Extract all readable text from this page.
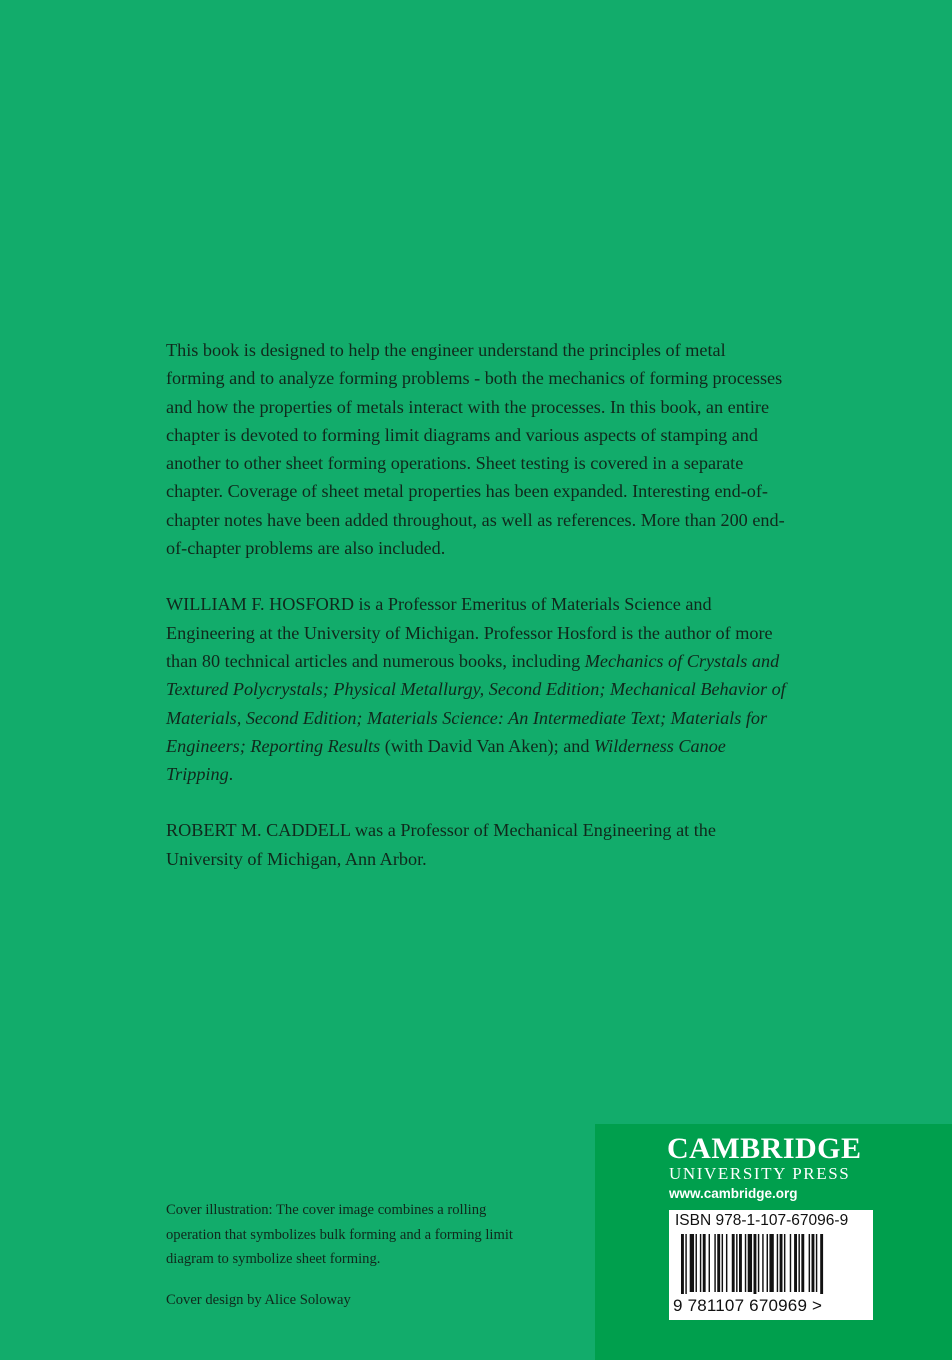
This book is designed to help the engineer understand the principles of metal forming and to analyze forming problems - both the mechanics of forming processes and how the properties of metals interact with the processes. In this book, an entire chapter is devoted to forming limit diagrams and various aspects of stamping and another to other sheet forming operations. Sheet testing is covered in a separate chapter. Coverage of sheet metal properties has been expanded. Interesting end-of-chapter notes have been added throughout, as well as references. More than 200 end-of-chapter problems are also included.

WILLIAM F. HOSFORD is a Professor Emeritus of Materials Science and Engineering at the University of Michigan. Professor Hosford is the author of more than 80 technical articles and numerous books, including Mechanics of Crystals and Textured Polycrystals; Physical Metallurgy, Second Edition; Mechanical Behavior of Materials, Second Edition; Materials Science: An Intermediate Text; Materials for Engineers; Reporting Results (with David Van Aken); and Wilderness Canoe Tripping.

ROBERT M. CADDELL was a Professor of Mechanical Engineering at the University of Michigan, Ann Arbor.

Cover illustration: The cover image combines a rolling operation that symbolizes bulk forming and a forming limit diagram to symbolize sheet forming.

Cover design by Alice Soloway

CAMBRIDGE
UNIVERSITY PRESS
www.cambridge.org
ISBN 978-1-107-67096-9
9 781107 670969 >
